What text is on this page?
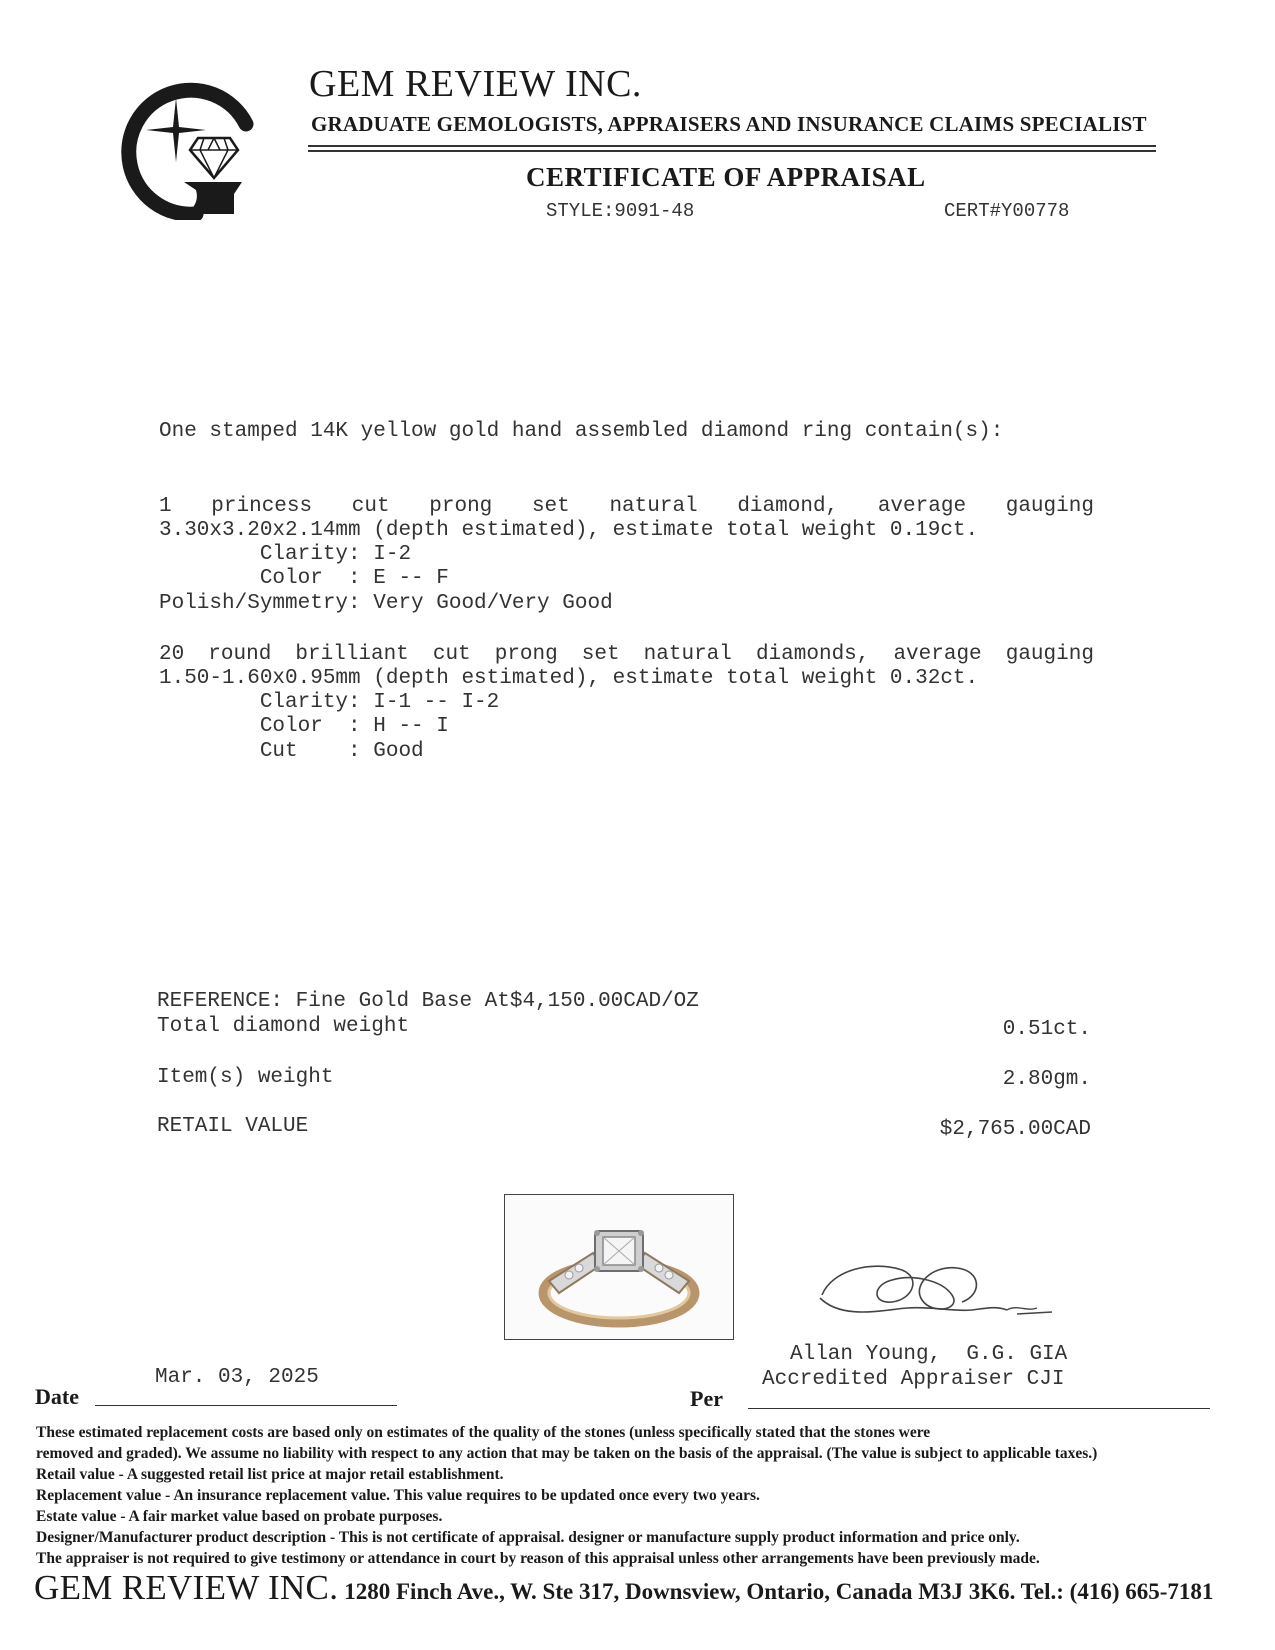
GEM REVIEW INC.
GRADUATE GEMOLOGISTS, APPRAISERS AND INSURANCE CLAIMS SPECIALIST
CERTIFICATE OF APPRAISAL
STYLE:9091-48	CERT#Y00778
One stamped 14K yellow gold hand assembled diamond ring contain(s):
1 princess cut prong set natural diamond, average gauging
3.30x3.20x2.14mm (depth estimated), estimate total weight 0.19ct.
Clarity: I-2
Color  : E -- F
Polish/Symmetry: Very Good/Very Good
20 round brilliant cut prong set natural diamonds, average gauging
1.50-1.60x0.95mm (depth estimated), estimate total weight 0.32ct.
Clarity: I-1 -- I-2
Color  : H -- I
Cut    : Good
REFERENCE: Fine Gold Base At$4,150.00CAD/OZ
Total diamond weight	0.51ct.
Item(s) weight	2.80gm.
RETAIL VALUE	$2,765.00CAD
Allan Young,  G.G. GIA
Accredited Appraiser CJI
Date
Mar. 03, 2025
Per
These estimated replacement costs are based only on estimates of the quality of the stones (unless specifically stated that the stones were
removed and graded). We assume no liability with respect to any action that may be taken on the basis of the appraisal. (The value is subject to applicable taxes.)
Retail value - A suggested retail list price at major retail establishment.
Replacement value - An insurance replacement value. This value requires to be updated once every two years.
Estate value - A fair market value based on probate purposes.
Designer/Manufacturer product description - This is not certificate of appraisal. designer or manufacture supply product information and price only.
The appraiser is not required to give testimony or attendance in court by reason of this appraisal unless other arrangements have been previously made.
GEM REVIEW INC. 1280 Finch Ave., W. Ste 317, Downsview, Ontario, Canada M3J 3K6. Tel.: (416) 665-7181
